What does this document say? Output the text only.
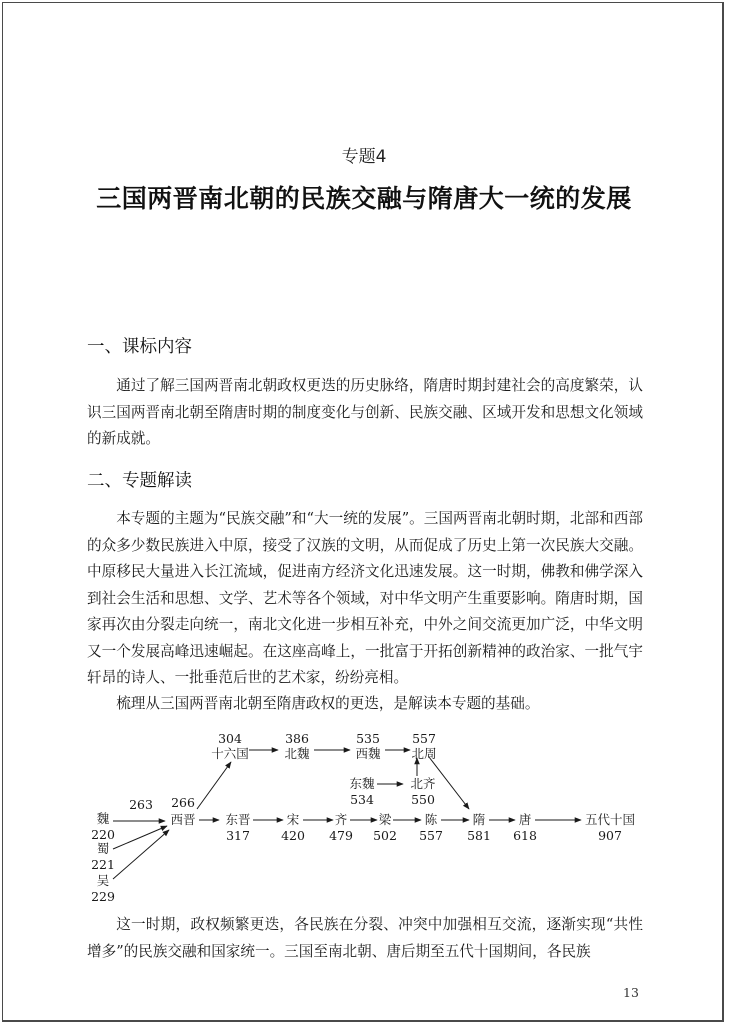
专题4
三国两晋南北朝的民族交融与隋唐大一统的发展
一、课标内容

通过了解三国两晋南北朝政权更迭的历史脉络，隋唐时期封建社会的高度繁荣，认识三国两晋南北朝至隋唐时期的制度变化与创新、民族交融、区域开发和思想文化领域的新成就。

二、专题解读

本专题的主题为“民族交融”和“大一统的发展”。三国两晋南北朝时期，北部和西部的众多少数民族进入中原，接受了汉族的文明，从而促成了历史上第一次民族大交融。中原移民大量进入长江流域，促进南方经济文化迅速发展。这一时期，佛教和佛学深入到社会生活和思想、文学、艺术等各个领域，对中华文明产生重要影响。隋唐时期，国家再次由分裂走向统一，南北文化进一步相互补充，中外之间交流更加广泛，中华文明又一个发展高峰迅速崛起。在这座高峰上，一批富于开拓创新精神的政治家、一批气宇轩昂的诗人、一批垂范后世的艺术家，纷纷亮相。

梳理从三国两晋南北朝至隋唐政权的更迭，是解读本专题的基础。

魏
220
蜀
221
吴
229
263 266
西晋
304
十六国
386
北魏
535
西魏
557
北周
东魏
534
北齐
550
东晋
317
宋
420
齐
479
梁
502
陈
557
隋
581
唐
618
五代十国
907

这一时期，政权频繁更迭，各民族在分裂、冲突中加强相互交流，逐渐实现“共性增多”的民族交融和国家统一。三国至南北朝、唐后期至五代十国期间，各民族

13
